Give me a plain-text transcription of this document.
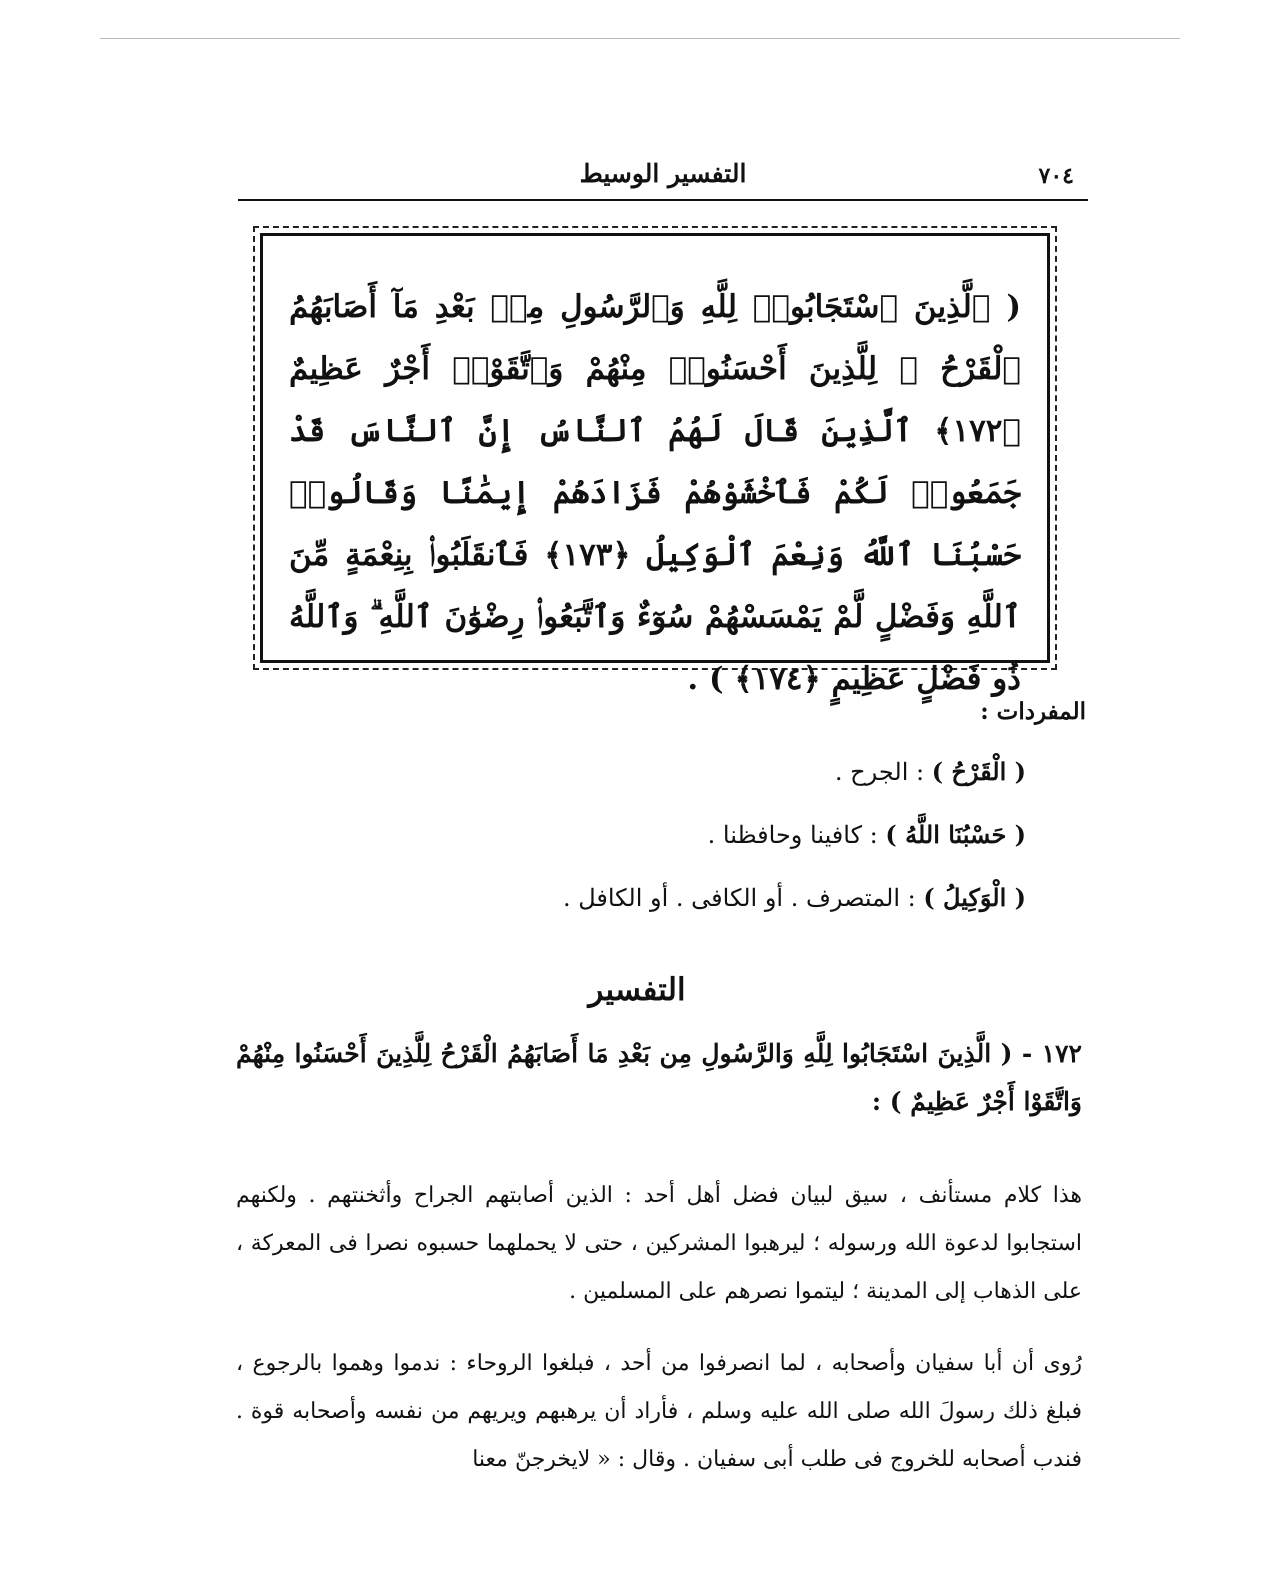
٧٠٤
التفسير الوسيط
( ٱلَّذِينَ ٱسْتَجَابُوا۟ لِلَّهِ وَٱلرَّسُولِ مِنۢ بَعْدِ مَآ أَصَابَهُمُ ٱلْقَرْحُ ۚ لِلَّذِينَ أَحْسَنُوا۟ مِنْهُمْ وَٱتَّقَوْا۟ أَجْرٌ عَظِيمٌ ﴿١٧٢﴾ ٱلَّذِينَ قَالَ لَهُمُ ٱلنَّاسُ إِنَّ ٱلنَّاسَ قَدْ جَمَعُوا۟ لَكُمْ فَٱخْشَوْهُمْ فَزَادَهُمْ إِيمَٰنًا وَقَالُوا۟ حَسْبُنَا ٱللَّهُ وَنِعْمَ ٱلْوَكِيلُ ﴿١٧٣﴾ فَٱنقَلَبُوا۟ بِنِعْمَةٍ مِّنَ ٱللَّهِ وَفَضْلٍ لَّمْ يَمْسَسْهُمْ سُوٓءٌ وَٱتَّبَعُوا۟ رِضْوَٰنَ ٱللَّهِ ۗ وَٱللَّهُ ذُو فَضْلٍ عَظِيمٍ ﴿١٧٤﴾ ) .
المفردات :
( الْقَرْحُ ) : الجرح .
( حَسْبُنَا اللَّهُ ) : كافينا وحافظنا .
( الْوَكِيلُ ) : المتصرف . أو الكافى . أو الكافل .
التفسير
١٧٢ - ( الَّذِينَ اسْتَجَابُوا لِلَّهِ وَالرَّسُولِ مِن بَعْدِ مَا أَصَابَهُمُ الْقَرْحُ لِلَّذِينَ أَحْسَنُوا مِنْهُمْ وَاتَّقَوْا أَجْرٌ عَظِيمٌ ) :
هذا كلام مستأنف ، سيق لبيان فضل أهل أحد : الذين أصابتهم الجراح وأثخنتهم . ولكنهم استجابوا لدعوة الله ورسوله ؛ ليرهبوا المشركين ، حتى لا يحملهما حسبوه نصرا فى المعركة ، على الذهاب إلى المدينة ؛ ليتموا نصرهم على المسلمين .
رُوى أن أبا سفيان وأصحابه ، لما انصرفوا من أحد ، فبلغوا الروحاء : ندموا وهموا بالرجوع ، فبلغ ذلك رسولَ الله صلى الله عليه وسلم ، فأراد أن يرهبهم ويريهم من نفسه وأصحابه قوة . فندب أصحابه للخروج فى طلب أبى سفيان . وقال : « لايخرجنّ معنا
